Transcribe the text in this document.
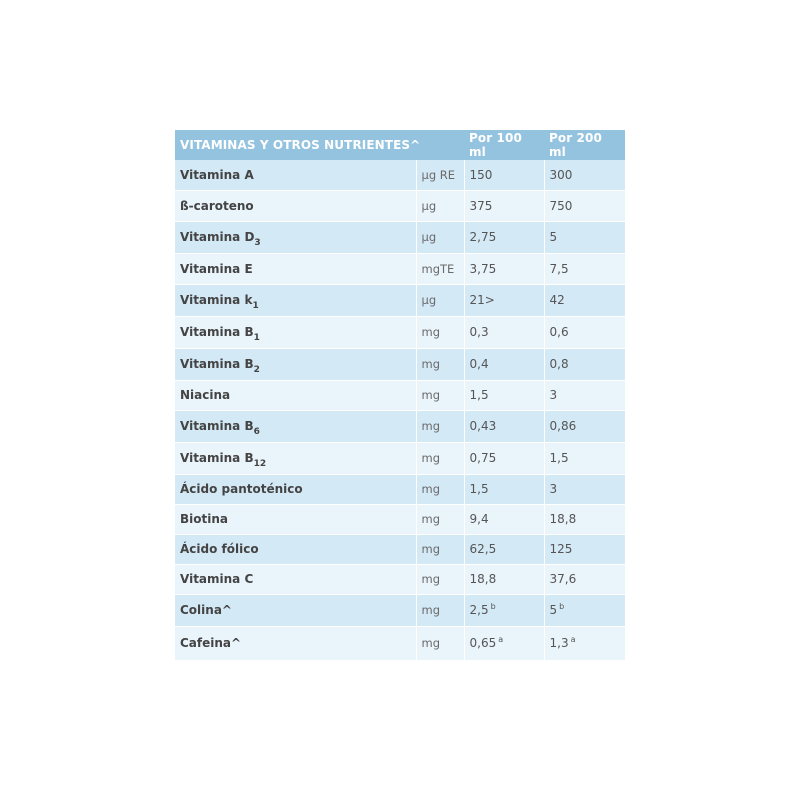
VITAMINAS Y OTROS NUTRIENTES^		Por 100 ml	Por 200 ml
Vitamina A	μg RE	150	300
ß-caroteno	μg	375	750
Vitamina $D_3$	μg	2,75	5
Vitamina E	mgTE	3,75	7,5
Vitamina $k_1$	μg	21>	42
Vitamina $B_1$	mg	0,3	0,6
Vitamina $B_2$	mg	0,4	0,8
Niacina	mg	1,5	3
Vitamina $B_6$	mg	0,43	0,86
Vitamina $B_{12}$	mg	0,75	1,5
Ácido pantoténico	mg	1,5	3
Biotina	mg	9,4	18,8
Ácido fólico	mg	62,5	125
Vitamina C	mg	18,8	37,6
Colina^	mg	2,5 $^b$	5 $^b$
Cafeina^	mg	0,65 $^a$	1,3 $^a$
